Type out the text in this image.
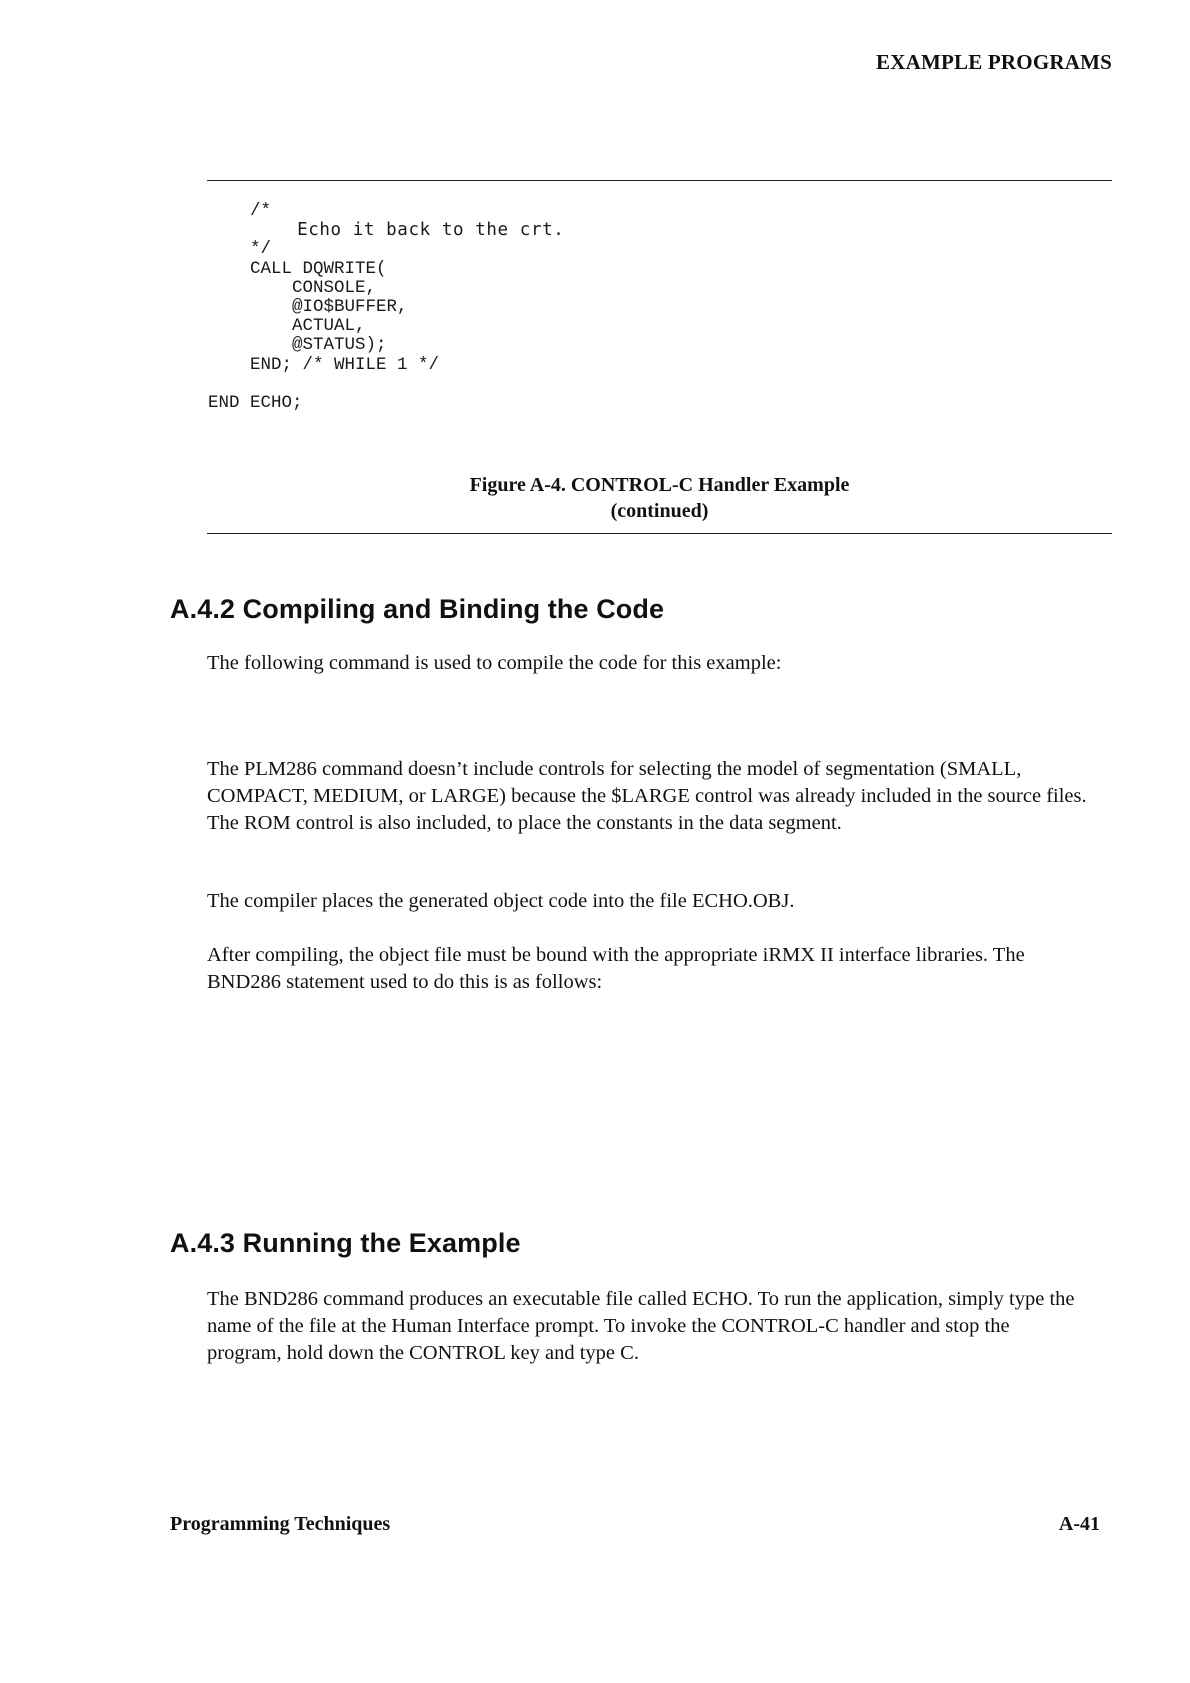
EXAMPLE PROGRAMS
/*
Echo it back to the crt.
*/
CALL DQWRITE(
CONSOLE,
@IO$BUFFER,
ACTUAL,
@STATUS);
END; /* WHILE 1 */

END ECHO;
Figure A-4. CONTROL-C Handler Example
(continued)
A.4.2 Compiling and Binding the Code

The following command is used to compile the code for this example:

The PLM286 command doesn’t include controls for selecting the model of segmentation (SMALL, COMPACT, MEDIUM, or LARGE) because the $LARGE control was already included in the source files. The ROM control is also included, to place the constants in the data segment.

The compiler places the generated object code into the file ECHO.OBJ.

After compiling, the object file must be bound with the appropriate iRMX II interface libraries. The BND286 statement used to do this is as follows:

A.4.3 Running the Example

The BND286 command produces an executable file called ECHO. To run the application, simply type the name of the file at the Human Interface prompt. To invoke the CONTROL-C handler and stop the program, hold down the CONTROL key and type C.

Programming Techniques	A-41
